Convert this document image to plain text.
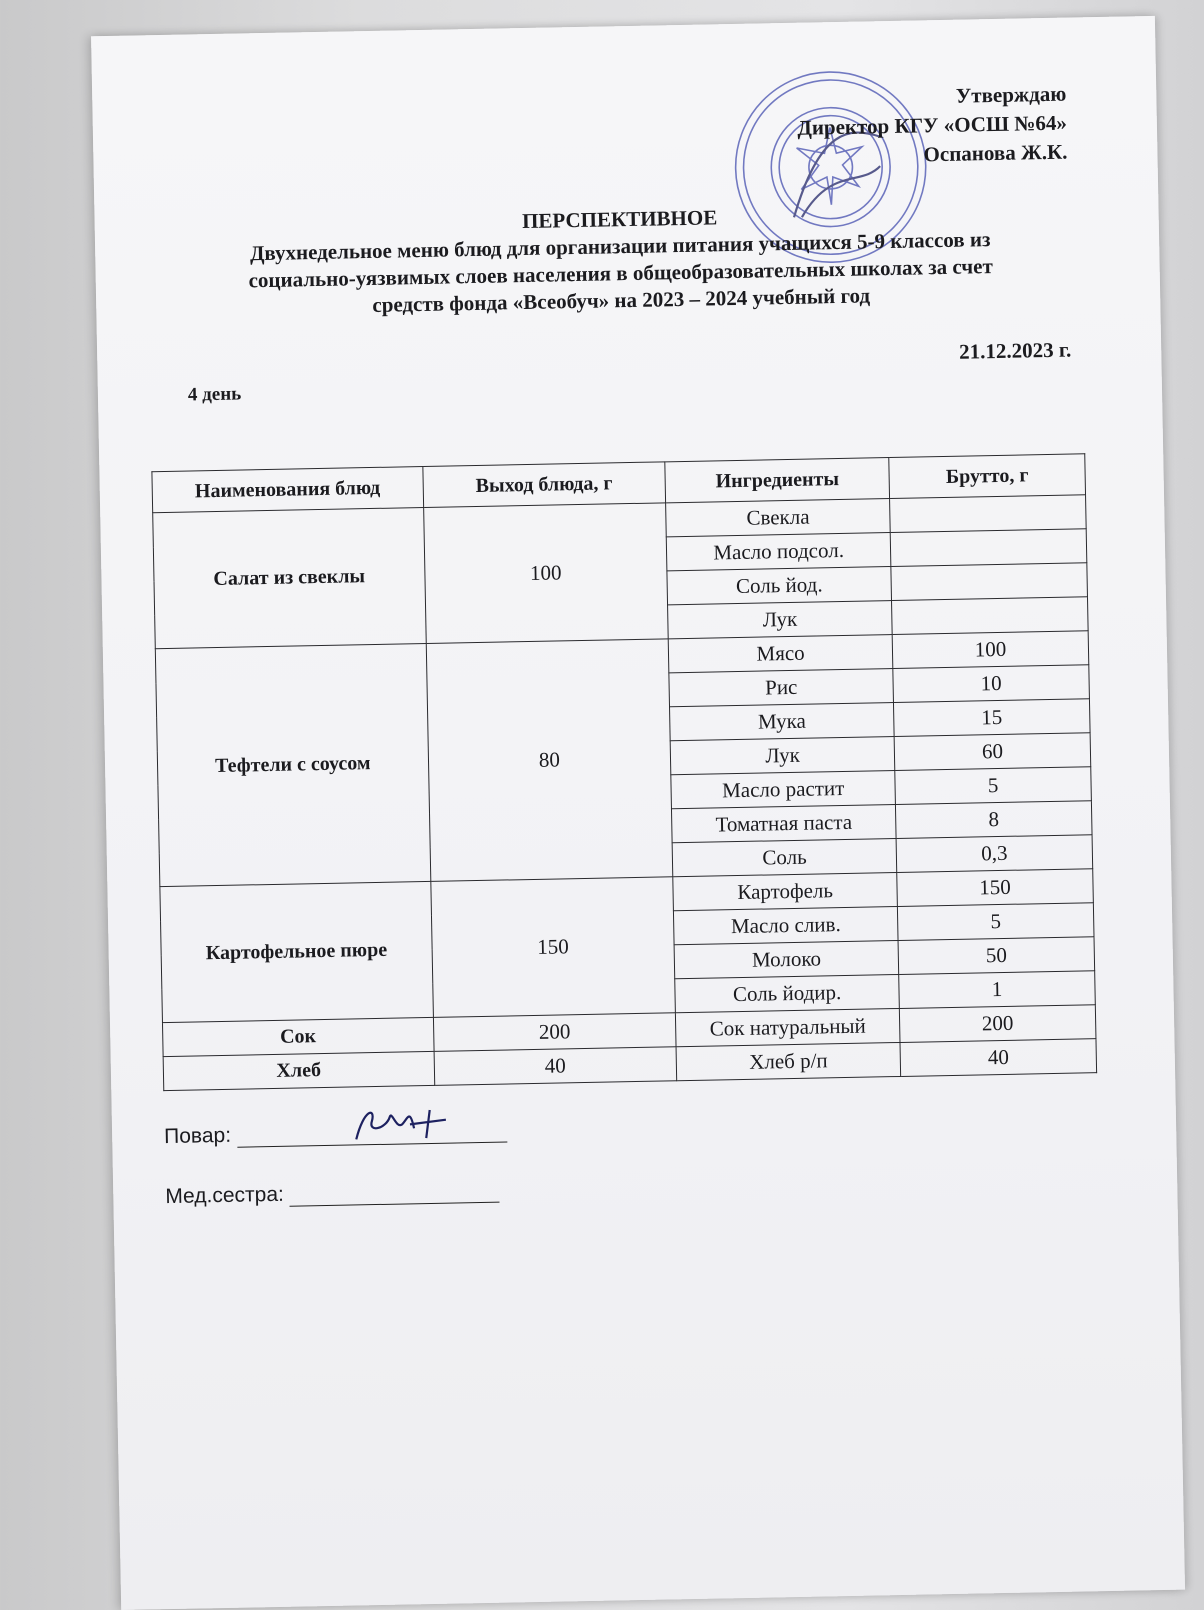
Утверждаю
Директор КГУ «ОСШ №64»
Оспанова Ж.К.
ПЕРСПЕКТИВНОЕ
Двухнедельное меню блюд для организации питания учащихся 5-9 классов из
социально-уязвимых слоев населения в общеобразовательных школах за счет
средств фонда «Всеобуч» на 2023 – 2024 учебный год
21.12.2023 г.
4 день
Наименования блюд	Выход блюда, г	Ингредиенты	Брутто, г
Салат из свеклы	100	Свекла	
		Масло подсол.	
		Соль йод.	
		Лук	
Тефтели с соусом	80	Мясо	100
		Рис	10
		Мука	15
		Лук	60
		Масло растит	5
		Томатная паста	8
		Соль	0,3
Картофельное пюре	150	Картофель	150
		Масло слив.	5
		Молоко	50
		Соль йодир.	1
Сок	200	Сок натуральный	200
Хлеб	40	Хлеб р/п	40
Повар:
Мед.сестра:
